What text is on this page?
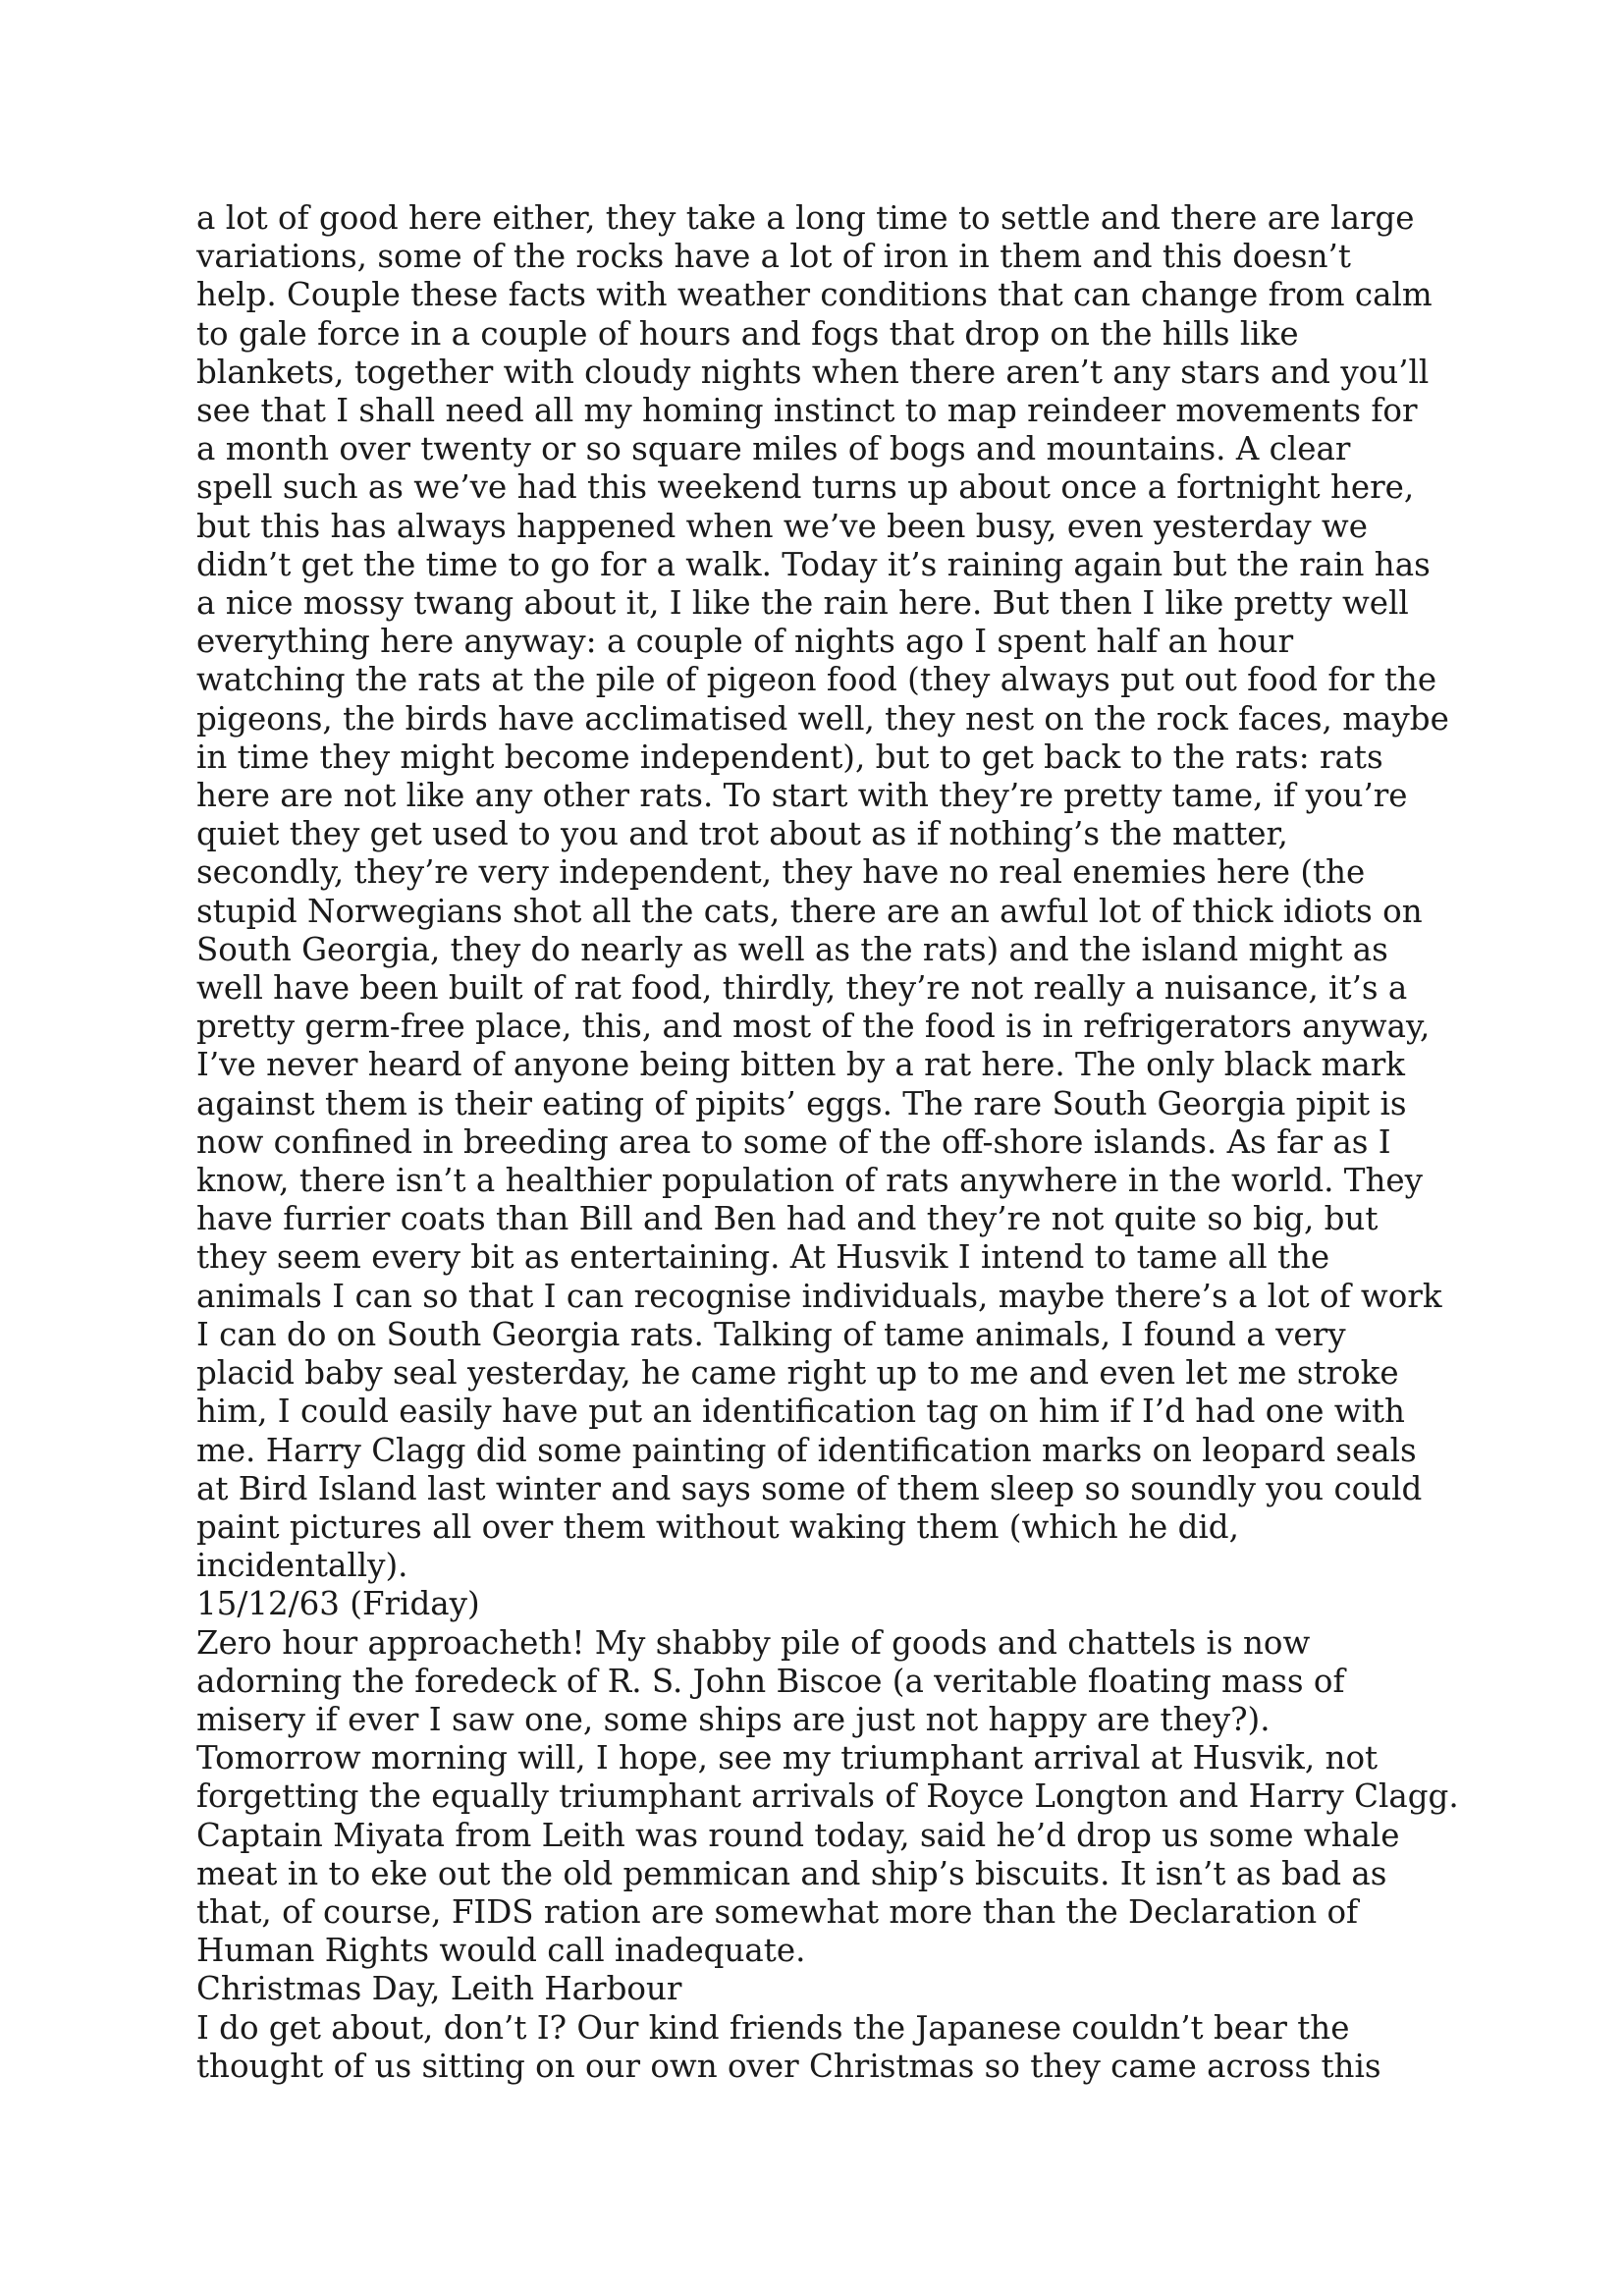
a lot of good here either, they take a long time to settle and there are large
variations, some of the rocks have a lot of iron in them and this doesn’t
help. Couple these facts with weather conditions that can change from calm
to gale force in a couple of hours and fogs that drop on the hills like
blankets, together with cloudy nights when there aren’t any stars and you’ll
see that I shall need all my homing instinct to map reindeer movements for
a month over twenty or so square miles of bogs and mountains. A clear
spell such as we’ve had this weekend turns up about once a fortnight here,
but this has always happened when we’ve been busy, even yesterday we
didn’t get the time to go for a walk. Today it’s raining again but the rain has
a nice mossy twang about it, I like the rain here. But then I like pretty well
everything here anyway: a couple of nights ago I spent half an hour
watching the rats at the pile of pigeon food (they always put out food for the
pigeons, the birds have acclimatised well, they nest on the rock faces, maybe
in time they might become independent), but to get back to the rats: rats
here are not like any other rats. To start with they’re pretty tame, if you’re
quiet they get used to you and trot about as if nothing’s the matter,
secondly, they’re very independent, they have no real enemies here (the
stupid Norwegians shot all the cats, there are an awful lot of thick idiots on
South Georgia, they do nearly as well as the rats) and the island might as
well have been built of rat food, thirdly, they’re not really a nuisance, it’s a
pretty germ-free place, this, and most of the food is in refrigerators anyway,
I’ve never heard of anyone being bitten by a rat here. The only black mark
against them is their eating of pipits’ eggs. The rare South Georgia pipit is
now confined in breeding area to some of the off-shore islands. As far as I
know, there isn’t a healthier population of rats anywhere in the world. They
have furrier coats than Bill and Ben had and they’re not quite so big, but
they seem every bit as entertaining. At Husvik I intend to tame all the
animals I can so that I can recognise individuals, maybe there’s a lot of work
I can do on South Georgia rats. Talking of tame animals, I found a very
placid baby seal yesterday, he came right up to me and even let me stroke
him, I could easily have put an identification tag on him if I’d had one with
me. Harry Clagg did some painting of identification marks on leopard seals
at Bird Island last winter and says some of them sleep so soundly you could
paint pictures all over them without waking them (which he did,
incidentally).
15/12/63 (Friday)
Zero hour approacheth! My shabby pile of goods and chattels is now
adorning the foredeck of R. S. John Biscoe (a veritable floating mass of
misery if ever I saw one, some ships are just not happy are they?).
Tomorrow morning will, I hope, see my triumphant arrival at Husvik, not
forgetting the equally triumphant arrivals of Royce Longton and Harry Clagg.
Captain Miyata from Leith was round today, said he’d drop us some whale
meat in to eke out the old pemmican and ship’s biscuits. It isn’t as bad as
that, of course, FIDS ration are somewhat more than the Declaration of
Human Rights would call inadequate.
Christmas Day, Leith Harbour
I do get about, don’t I? Our kind friends the Japanese couldn’t bear the
thought of us sitting on our own over Christmas so they came across this
